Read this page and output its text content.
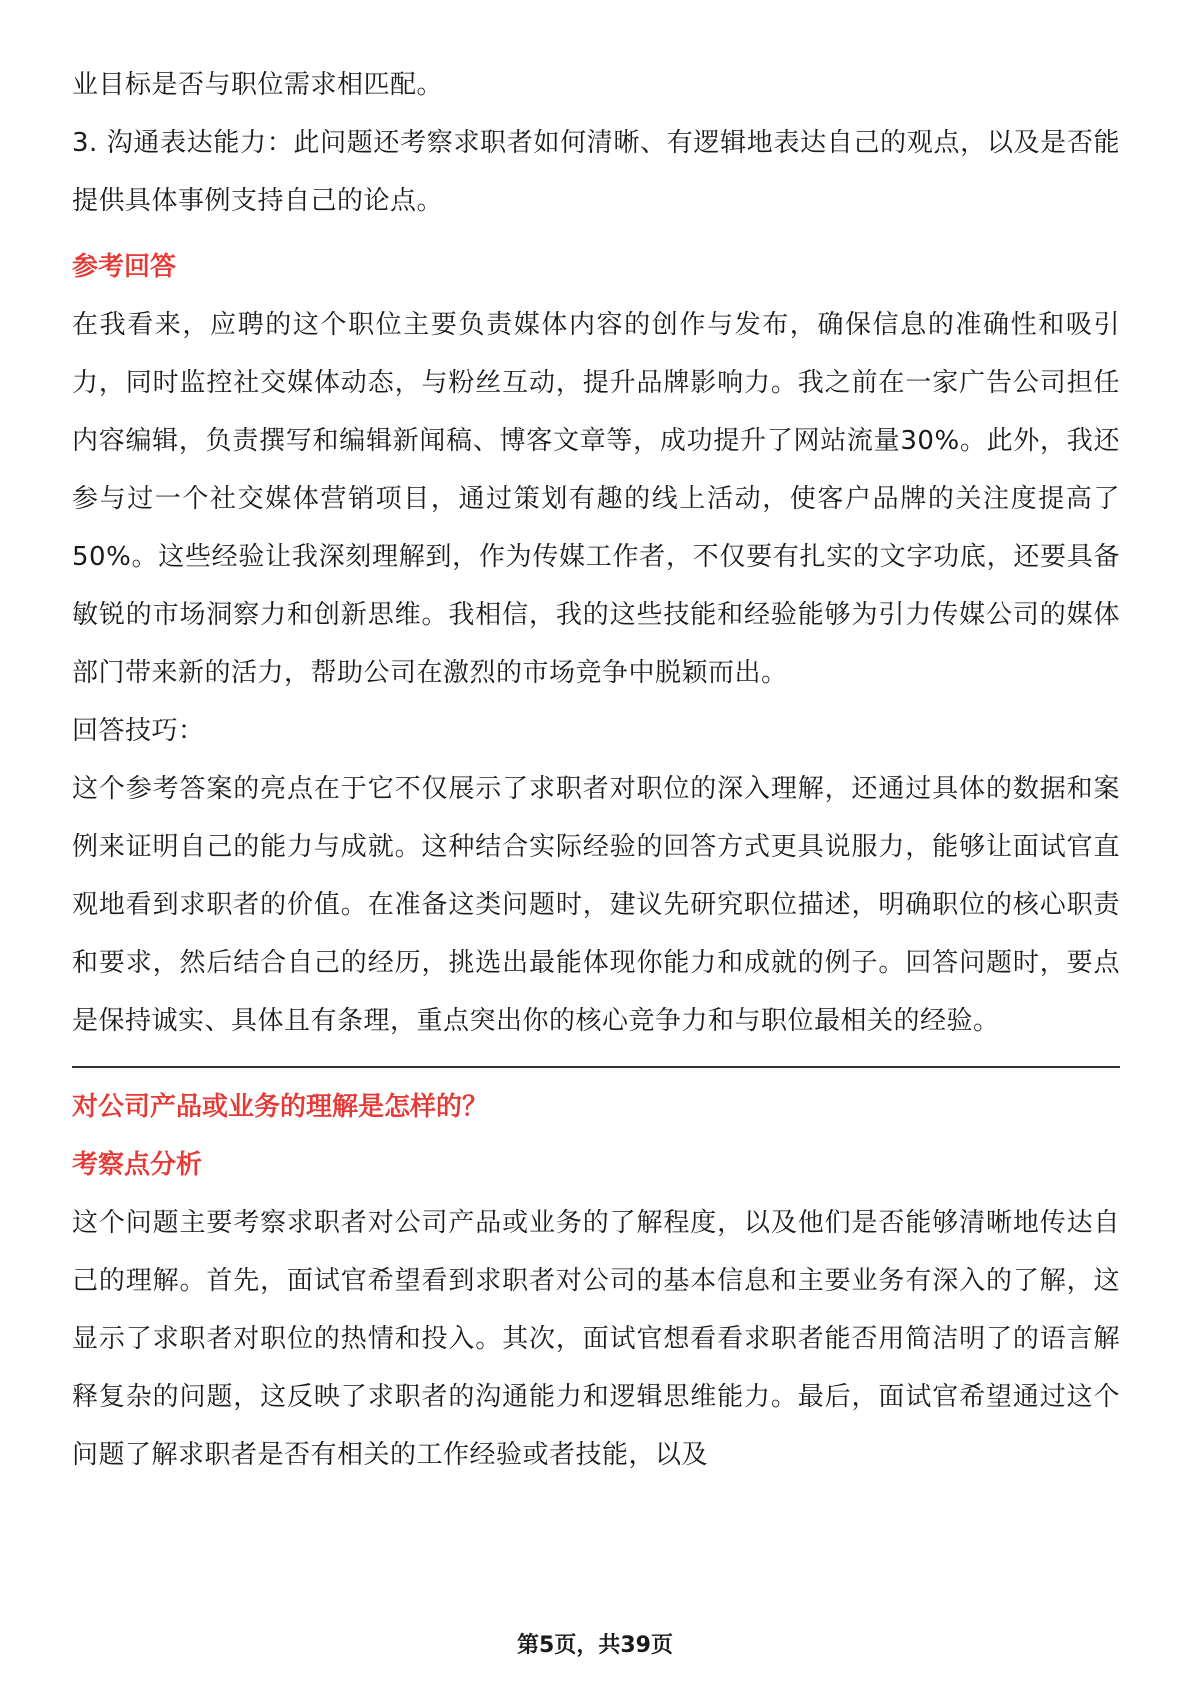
业目标是否与职位需求相匹配。

3. 沟通表达能力：此问题还考察求职者如何清晰、有逻辑地表达自己的观点，以及是否能提供具体事例支持自己的论点。

参考回答

在我看来，应聘的这个职位主要负责媒体内容的创作与发布，确保信息的准确性和吸引力，同时监控社交媒体动态，与粉丝互动，提升品牌影响力。我之前在一家广告公司担任内容编辑，负责撰写和编辑新闻稿、博客文章等，成功提升了网站流量30%。此外，我还参与过一个社交媒体营销项目，通过策划有趣的线上活动，使客户品牌的关注度提高了50%。这些经验让我深刻理解到，作为传媒工作者，不仅要有扎实的文字功底，还要具备敏锐的市场洞察力和创新思维。我相信，我的这些技能和经验能够为引力传媒公司的媒体部门带来新的活力，帮助公司在激烈的市场竞争中脱颖而出。

回答技巧：

这个参考答案的亮点在于它不仅展示了求职者对职位的深入理解，还通过具体的数据和案例来证明自己的能力与成就。这种结合实际经验的回答方式更具说服力，能够让面试官直观地看到求职者的价值。在准备这类问题时，建议先研究职位描述，明确职位的核心职责和要求，然后结合自己的经历，挑选出最能体现你能力和成就的例子。回答问题时，要点是保持诚实、具体且有条理，重点突出你的核心竞争力和与职位最相关的经验。

对公司产品或业务的理解是怎样的？

考察点分析

这个问题主要考察求职者对公司产品或业务的了解程度，以及他们是否能够清晰地传达自己的理解。首先，面试官希望看到求职者对公司的基本信息和主要业务有深入的了解，这显示了求职者对职位的热情和投入。其次，面试官想看看求职者能否用简洁明了的语言解释复杂的问题，这反映了求职者的沟通能力和逻辑思维能力。最后，面试官希望通过这个问题了解求职者是否有相关的工作经验或者技能，以及

第5页，共39页
